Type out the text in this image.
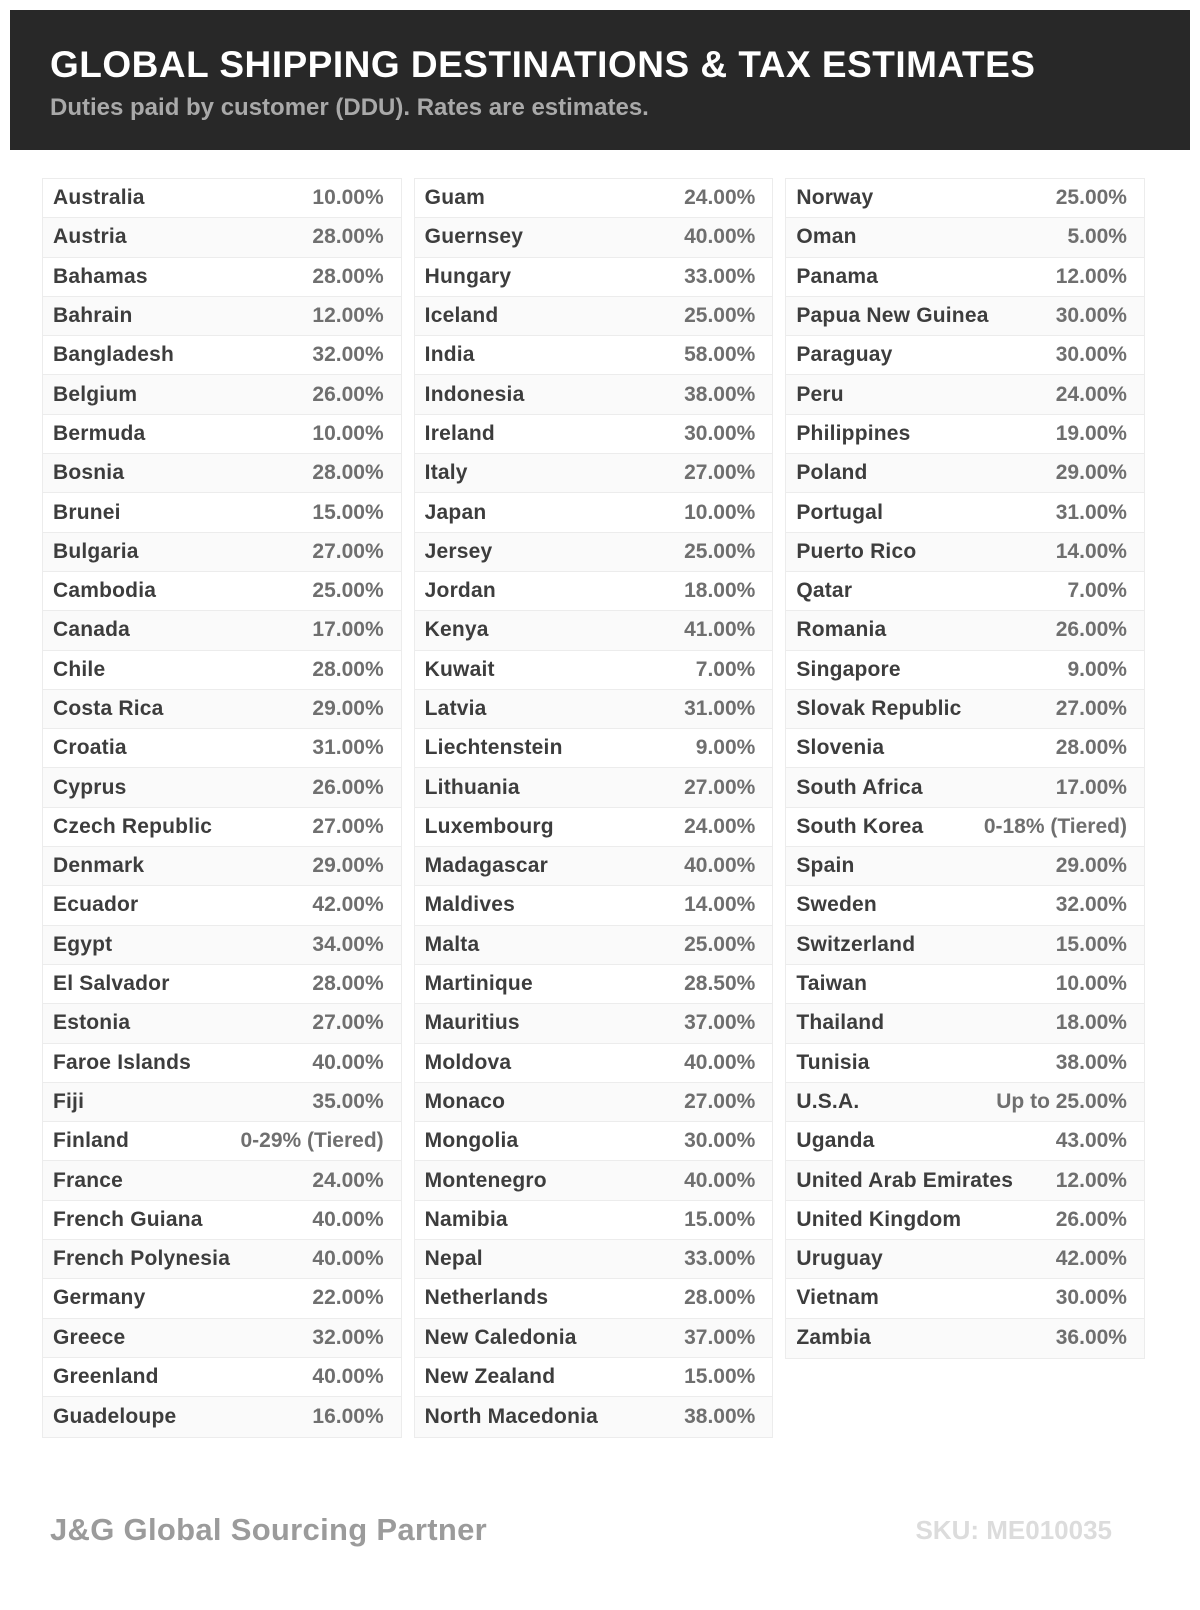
GLOBAL SHIPPING DESTINATIONS & TAX ESTIMATES

Duties paid by customer (DDU). Rates are estimates.

Australia	10.00%
Austria	28.00%
Bahamas	28.00%
Bahrain	12.00%
Bangladesh	32.00%
Belgium	26.00%
Bermuda	10.00%
Bosnia	28.00%
Brunei	15.00%
Bulgaria	27.00%
Cambodia	25.00%
Canada	17.00%
Chile	28.00%
Costa Rica	29.00%
Croatia	31.00%
Cyprus	26.00%
Czech Republic	27.00%
Denmark	29.00%
Ecuador	42.00%
Egypt	34.00%
El Salvador	28.00%
Estonia	27.00%
Faroe Islands	40.00%
Fiji	35.00%
Finland	0-29% (Tiered)
France	24.00%
French Guiana	40.00%
French Polynesia	40.00%
Germany	22.00%
Greece	32.00%
Greenland	40.00%
Guadeloupe	16.00%
Guam	24.00%
Guernsey	40.00%
Hungary	33.00%
Iceland	25.00%
India	58.00%
Indonesia	38.00%
Ireland	30.00%
Italy	27.00%
Japan	10.00%
Jersey	25.00%
Jordan	18.00%
Kenya	41.00%
Kuwait	7.00%
Latvia	31.00%
Liechtenstein	9.00%
Lithuania	27.00%
Luxembourg	24.00%
Madagascar	40.00%
Maldives	14.00%
Malta	25.00%
Martinique	28.50%
Mauritius	37.00%
Moldova	40.00%
Monaco	27.00%
Mongolia	30.00%
Montenegro	40.00%
Namibia	15.00%
Nepal	33.00%
Netherlands	28.00%
New Caledonia	37.00%
New Zealand	15.00%
North Macedonia	38.00%
Norway	25.00%
Oman	5.00%
Panama	12.00%
Papua New Guinea	30.00%
Paraguay	30.00%
Peru	24.00%
Philippines	19.00%
Poland	29.00%
Portugal	31.00%
Puerto Rico	14.00%
Qatar	7.00%
Romania	26.00%
Singapore	9.00%
Slovak Republic	27.00%
Slovenia	28.00%
South Africa	17.00%
South Korea	0-18% (Tiered)
Spain	29.00%
Sweden	32.00%
Switzerland	15.00%
Taiwan	10.00%
Thailand	18.00%
Tunisia	38.00%
U.S.A.	Up to 25.00%
Uganda	43.00%
United Arab Emirates	12.00%
United Kingdom	26.00%
Uruguay	42.00%
Vietnam	30.00%
Zambia	36.00%
J&G Global Sourcing Partner	SKU: ME010035
